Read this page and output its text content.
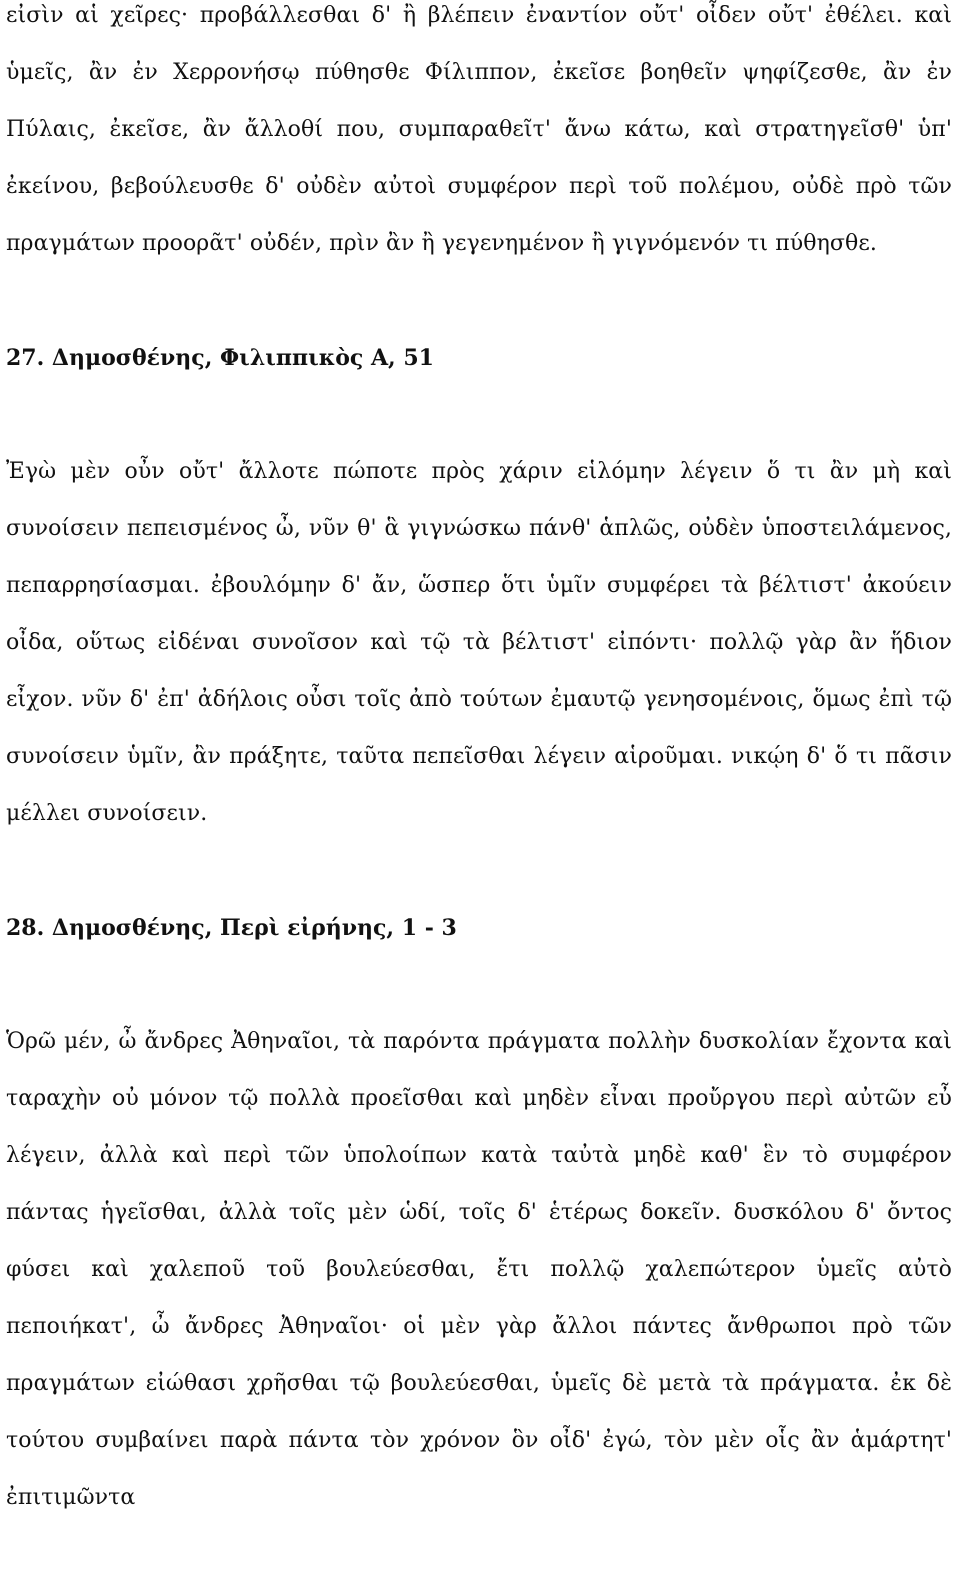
εἰσὶν αἱ χεῖρες· προβάλλεσθαι δ' ἢ βλέπειν ἐναντίον οὔτ' οἶδεν οὔτ' ἐθέλει. καὶ ὑμεῖς, ἂν ἐν Χερρονήσῳ πύθησθε Φίλιππον, ἐκεῖσε βοηθεῖν ψηφίζεσθε, ἂν ἐν Πύλαις, ἐκεῖσε, ἂν ἄλλοθί που, συμπαραθεῖτ' ἄνω κάτω, καὶ στρατηγεῖσθ' ὑπ' ἐκείνου, βεβούλευσθε δ' οὐδὲν αὐτοὶ συμφέρον περὶ τοῦ πολέμου, οὐδὲ πρὸ τῶν πραγμάτων προορᾶτ' οὐδέν, πρὶν ἂν ἢ γεγενημένον ἢ γιγνόμενόν τι πύθησθε.

27. Δημοσθένης, Φιλιππικὸς Α, 51

Ἐγὼ μὲν οὖν οὔτ' ἄλλοτε πώποτε πρὸς χάριν εἱλόμην λέγειν ὅ τι ἂν μὴ καὶ συνοίσειν πεπεισμένος ὦ, νῦν θ' ἃ γιγνώσκω πάνθ' ἁπλῶς, οὐδὲν ὑποστειλάμενος, πεπαρρησίασμαι. ἐβουλόμην δ' ἄν, ὥσπερ ὅτι ὑμῖν συμφέρει τὰ βέλτιστ' ἀκούειν οἶδα, οὕτως εἰδέναι συνοῖσον καὶ τῷ τὰ βέλτιστ' εἰπόντι· πολλῷ γὰρ ἂν ἥδιον εἶχον. νῦν δ' ἐπ' ἀδήλοις οὖσι τοῖς ἀπὸ τούτων ἐμαυτῷ γενησομένοις, ὅμως ἐπὶ τῷ συνοίσειν ὑμῖν, ἂν πράξητε, ταῦτα πεπεῖσθαι λέγειν αἱροῦμαι. νικῴη δ' ὅ τι πᾶσιν μέλλει συνοίσειν.

28. Δημοσθένης, Περὶ εἰρήνης, 1 - 3

Ὁρῶ μέν, ὦ ἄνδρες Ἀθηναῖοι, τὰ παρόντα πράγματα πολλὴν δυσκολίαν ἔχοντα καὶ ταραχὴν οὐ μόνον τῷ πολλὰ προεῖσθαι καὶ μηδὲν εἶναι προὔργου περὶ αὐτῶν εὖ λέγειν, ἀλλὰ καὶ περὶ τῶν ὑπολοίπων κατὰ ταὐτὰ μηδὲ καθ' ἓν τὸ συμφέρον πάντας ἡγεῖσθαι, ἀλλὰ τοῖς μὲν ὡδί, τοῖς δ' ἑτέρως δοκεῖν. δυσκόλου δ' ὄντος φύσει καὶ χαλεποῦ τοῦ βουλεύεσθαι, ἔτι πολλῷ χαλεπώτερον ὑμεῖς αὐτὸ πεποιήκατ', ὦ ἄνδρες Ἀθηναῖοι· οἱ μὲν γὰρ ἄλλοι πάντες ἄνθρωποι πρὸ τῶν πραγμάτων εἰώθασι χρῆσθαι τῷ βουλεύεσθαι, ὑμεῖς δὲ μετὰ τὰ πράγματα. ἐκ δὲ τούτου συμβαίνει παρὰ πάντα τὸν χρόνον ὃν οἶδ' ἐγώ, τὸν μὲν οἷς ἂν ἁμάρτητ' ἐπιτιμῶντα
